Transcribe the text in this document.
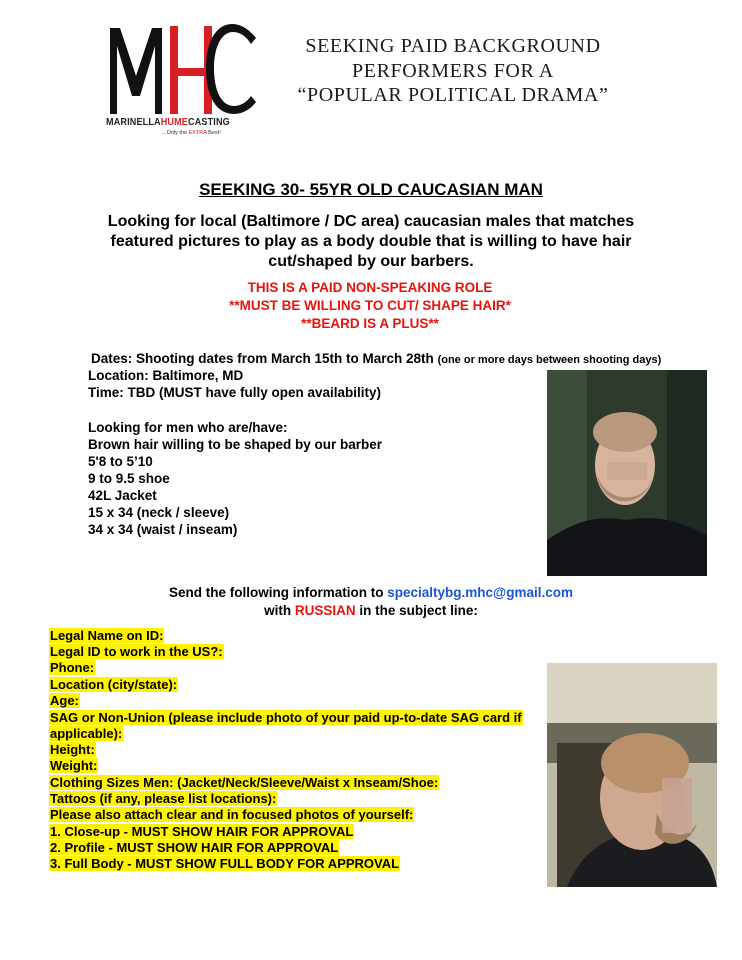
MARINELLAHUMECASTING
...Only the EXTRA Best!
SEEKING PAID BACKGROUND
PERFORMERS FOR A
“POPULAR POLITICAL DRAMA”
SEEKING 30- 55YR OLD CAUCASIAN MAN
Looking for local (Baltimore / DC area) caucasian males that matches featured pictures to play as a body double that is willing to have hair cut/shaped by our barbers.
THIS IS A PAID NON-SPEAKING ROLE
**MUST BE WILLING TO CUT/ SHAPE HAIR*
**BEARD IS A PLUS**
Dates: Shooting dates from March 15th to March 28th (one or more days between shooting days)
Location: Baltimore, MD
Time: TBD (MUST have fully open availability)
Looking for men who are/have:
Brown hair willing to be shaped by our barber
5'8 to 5’10
9 to 9.5 shoe
42L Jacket
15 x 34 (neck / sleeve)
34 x 34 (waist / inseam)
Send the following information to specialtybg.mhc@gmail.com
with RUSSIAN in the subject line:
Legal Name on ID:
Legal ID to work in the US?:
Phone:
Location (city/state):
Age:
SAG or Non-Union (please include photo of your paid up-to-date SAG card if
applicable):
Height:
Weight:
Clothing Sizes Men: (Jacket/Neck/Sleeve/Waist x Inseam/Shoe:
Tattoos (if any, please list locations):
Please also attach clear and in focused photos of yourself:
1. Close-up - MUST SHOW HAIR FOR APPROVAL
2. Profile - MUST SHOW HAIR FOR APPROVAL
3. Full Body - MUST SHOW FULL BODY FOR APPROVAL
